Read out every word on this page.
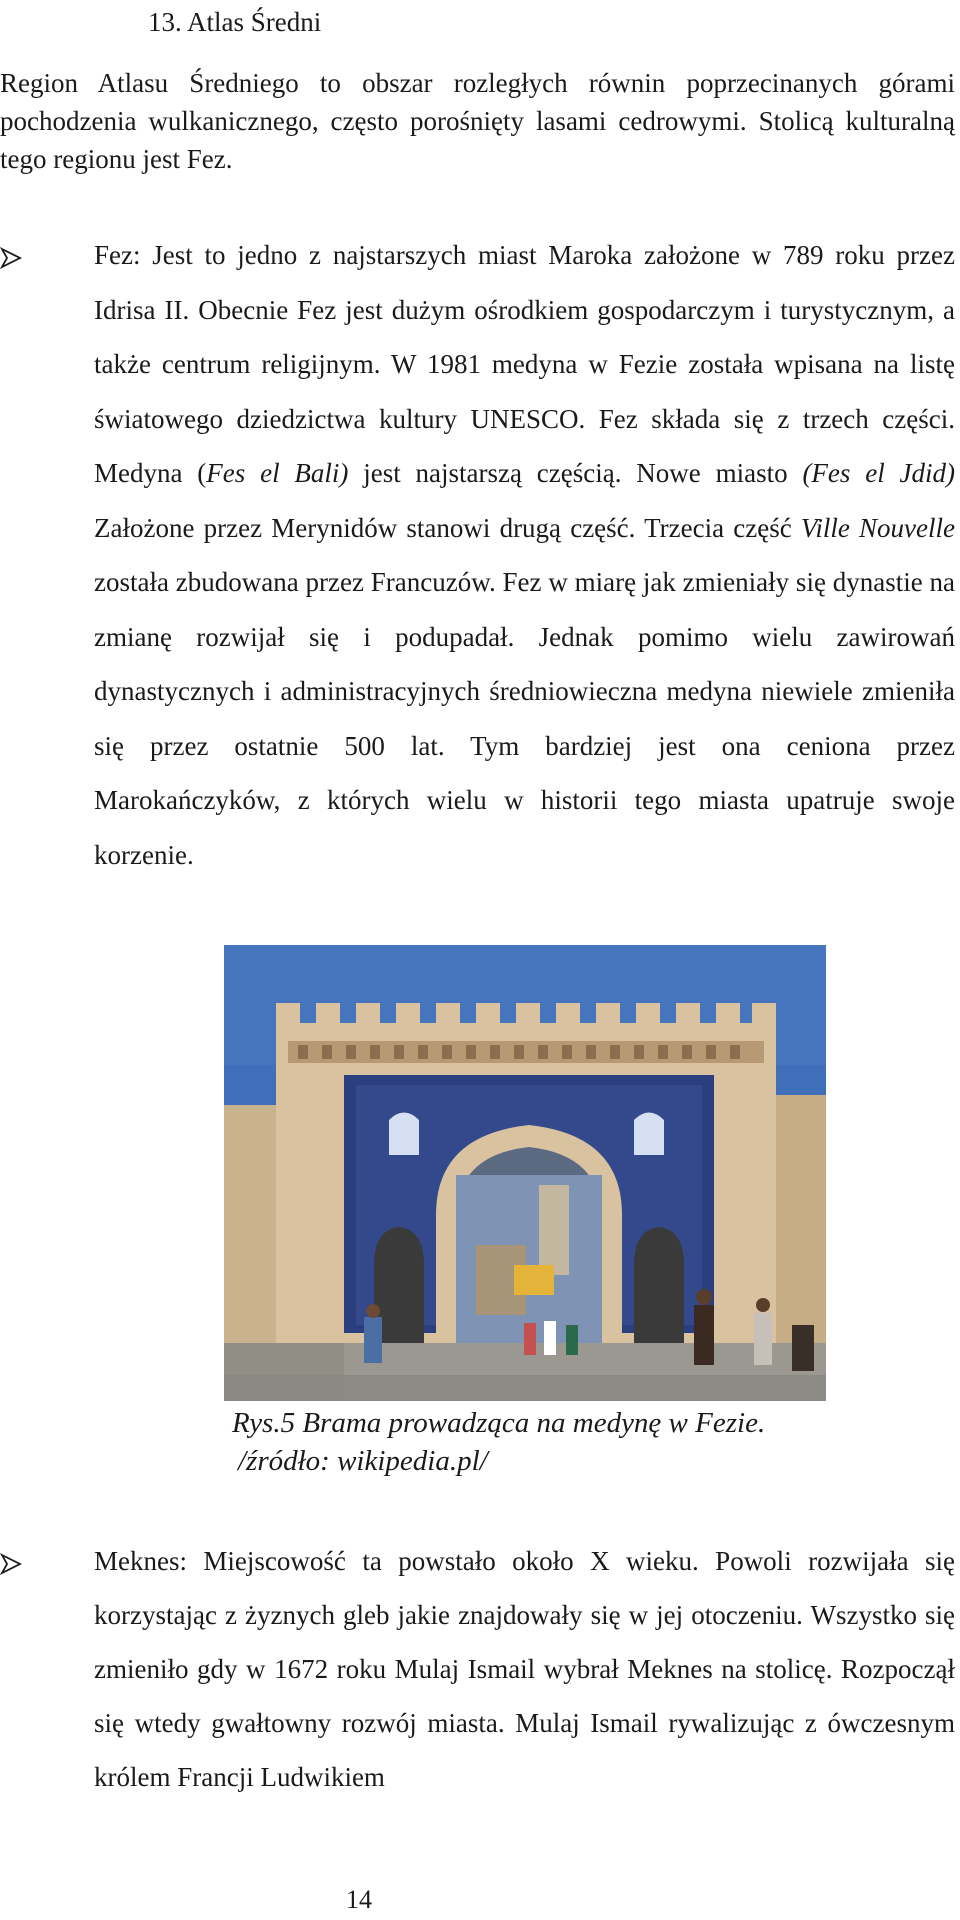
13. Atlas Średni

Region Atlasu Średniego to obszar rozległych równin poprzecinanych górami pochodzenia wulkanicznego, często porośnięty lasami cedrowymi. Stolicą kulturalną tego regionu jest Fez.

Fez: Jest to jedno z najstarszych miast Maroka założone w 789 roku przez Idrisa II. Obecnie Fez jest dużym ośrodkiem gospodarczym i turystycznym, a także centrum religijnym. W 1981 medyna w Fezie została wpisana na listę światowego dziedzictwa kultury UNESCO. Fez składa się z trzech części. Medyna (Fes el Bali) jest najstarszą częścią. Nowe miasto (Fes el Jdid) Założone przez Merynidów stanowi drugą część. Trzecia część Ville Nouvelle została zbudowana przez Francuzów. Fez w miarę jak zmieniały się dynastie na zmianę rozwijał się i podupadał. Jednak pomimo wielu zawirowań dynastycznych i administracyjnych średniowieczna medyna niewiele zmieniła się przez ostatnie 500 lat. Tym bardziej jest ona ceniona przez Marokańczyków, z których wielu w historii tego miasta upatruje swoje korzenie.

Rys.5 Brama prowadząca na medynę w Fezie.
/źródło: wikipedia.pl/

Meknes: Miejscowość ta powstało około X wieku. Powoli rozwijała się korzystając z żyznych gleb jakie znajdowały się w jej otoczeniu. Wszystko się zmieniło gdy w 1672 roku Mulaj Ismail wybrał Meknes na stolicę. Rozpoczął się wtedy gwałtowny rozwój miasta. Mulaj Ismail rywalizując z ówczesnym królem Francji Ludwikiem

14
